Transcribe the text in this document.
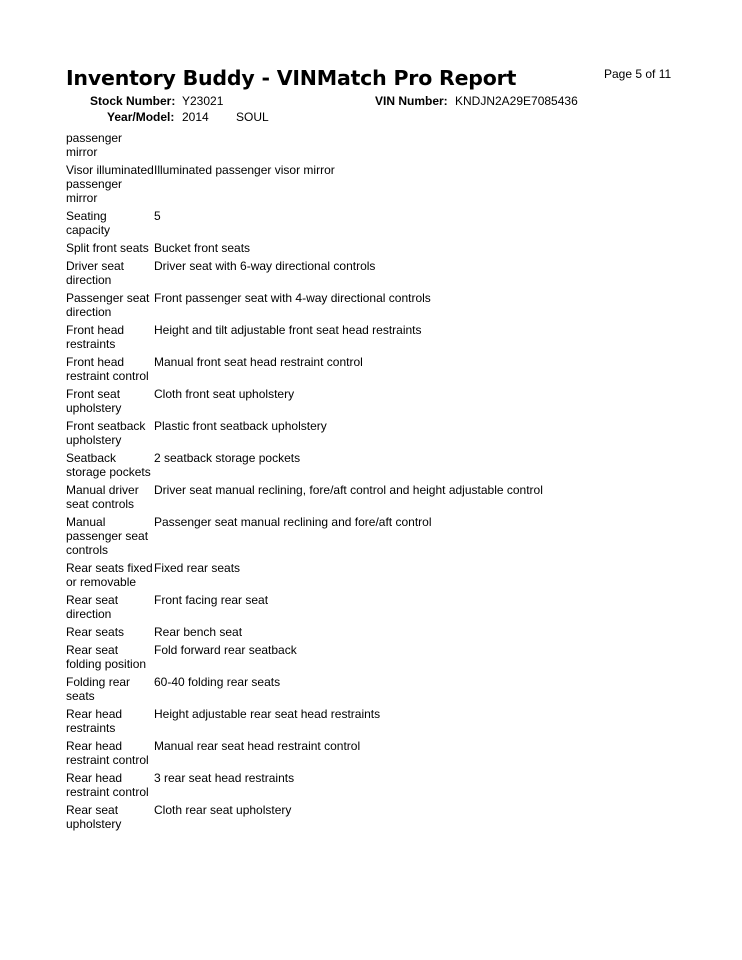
Inventory Buddy - VINMatch Pro Report	Page 5 of 11
Stock Number: Y23021	VIN Number: KNDJN2A29E7085436
Year/Model: 2014 SOUL
passenger mirror	

Visor illuminated passenger mirror	Illuminated passenger visor mirror

Seating capacity	5

Split front seats	Bucket front seats

Driver seat direction	Driver seat with 6-way directional controls

Passenger seat direction	Front passenger seat with 4-way directional controls

Front head restraints	Height and tilt adjustable front seat head restraints

Front head restraint control	Manual front seat head restraint control

Front seat upholstery	Cloth front seat upholstery

Front seatback upholstery	Plastic front seatback upholstery

Seatback storage pockets	2 seatback storage pockets

Manual driver seat controls	Driver seat manual reclining, fore/aft control and height adjustable control

Manual passenger seat controls	Passenger seat manual reclining and fore/aft control

Rear seats fixed or removable	Fixed rear seats

Rear seat direction	Front facing rear seat

Rear seats	Rear bench seat

Rear seat folding position	Fold forward rear seatback

Folding rear seats	60-40 folding rear seats

Rear head restraints	Height adjustable rear seat head restraints

Rear head restraint control	Manual rear seat head restraint control

Rear head restraint control	3 rear seat head restraints

Rear seat upholstery	Cloth rear seat upholstery
